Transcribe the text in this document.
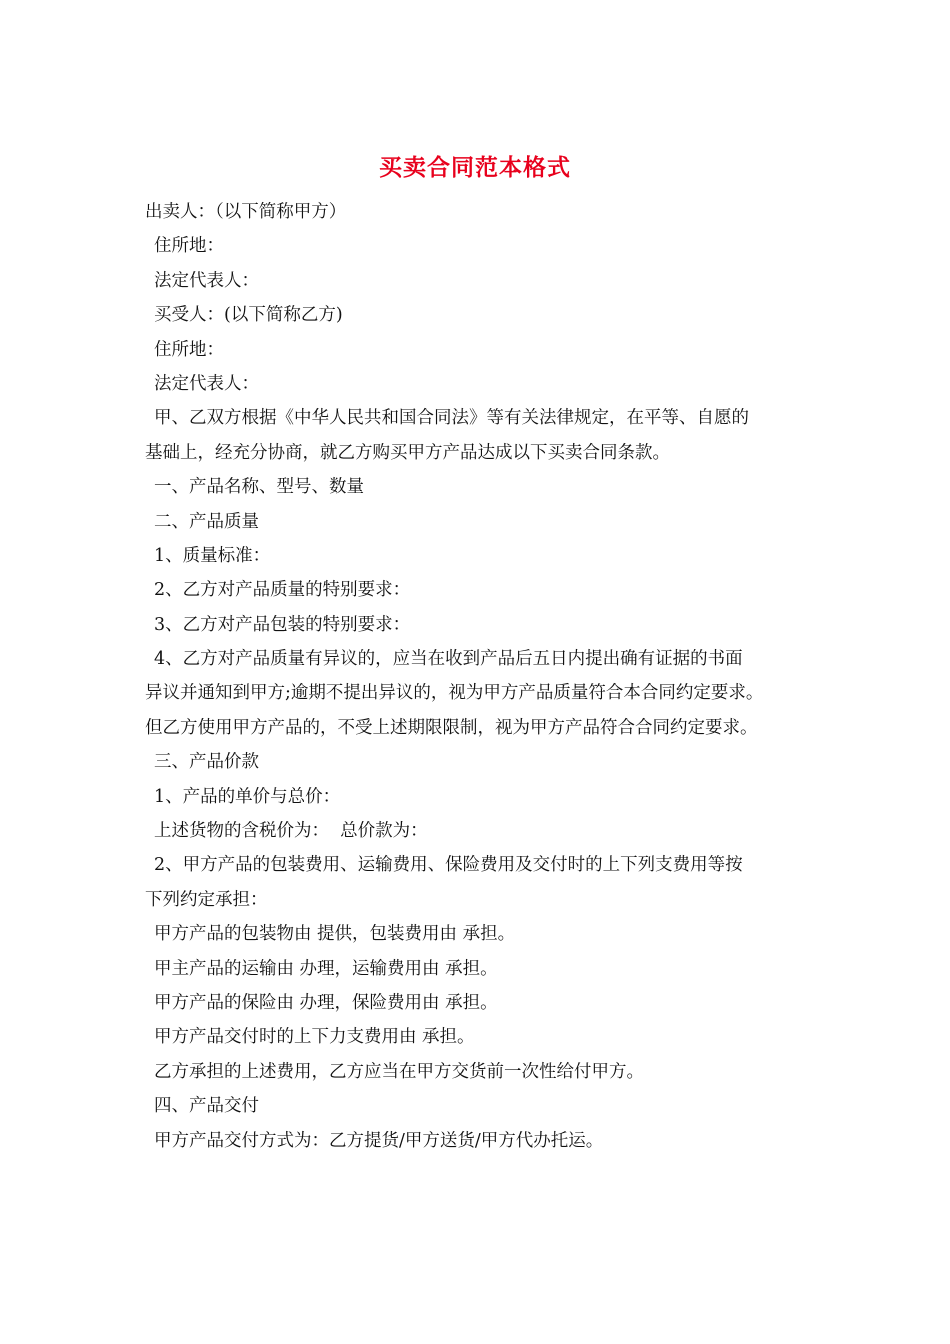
买卖合同范本格式
出卖人：（以下简称甲方）
住所地：
法定代表人：
买受人：(以下简称乙方)
住所地：
法定代表人：
甲、乙双方根据《中华人民共和国合同法》等有关法律规定，在平等、自愿的
基础上，经充分协商，就乙方购买甲方产品达成以下买卖合同条款。
一、产品名称、型号、数量
二、产品质量
1、质量标准：
2、乙方对产品质量的特别要求：
3、乙方对产品包装的特别要求：
4、乙方对产品质量有异议的，应当在收到产品后五日内提出确有证据的书面
异议并通知到甲方;逾期不提出异议的，视为甲方产品质量符合本合同约定要求。
但乙方使用甲方产品的，不受上述期限限制，视为甲方产品符合合同约定要求。
三、产品价款
1、产品的单价与总价：
上述货物的含税价为：  总价款为：
2、甲方产品的包装费用、运输费用、保险费用及交付时的上下列支费用等按
下列约定承担：
甲方产品的包装物由 提供，包装费用由 承担。
甲主产品的运输由 办理，运输费用由 承担。
甲方产品的保险由 办理，保险费用由 承担。
甲方产品交付时的上下力支费用由 承担。
乙方承担的上述费用，乙方应当在甲方交货前一次性给付甲方。
四、产品交付
甲方产品交付方式为：乙方提货/甲方送货/甲方代办托运。
